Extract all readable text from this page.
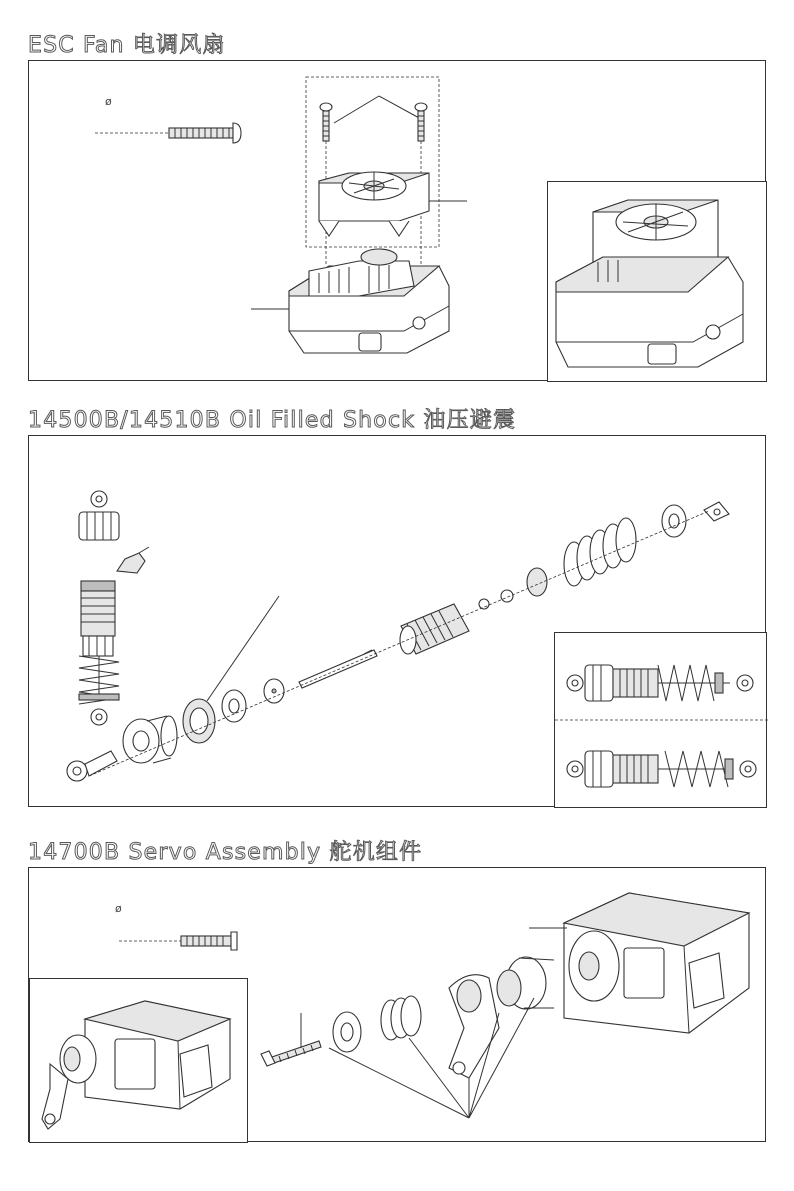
ESC Fan 电调风扇
ø
14500B/14510B Oil Filled Shock 油压避震
14700B Servo Assembly 舵机组件
ø
